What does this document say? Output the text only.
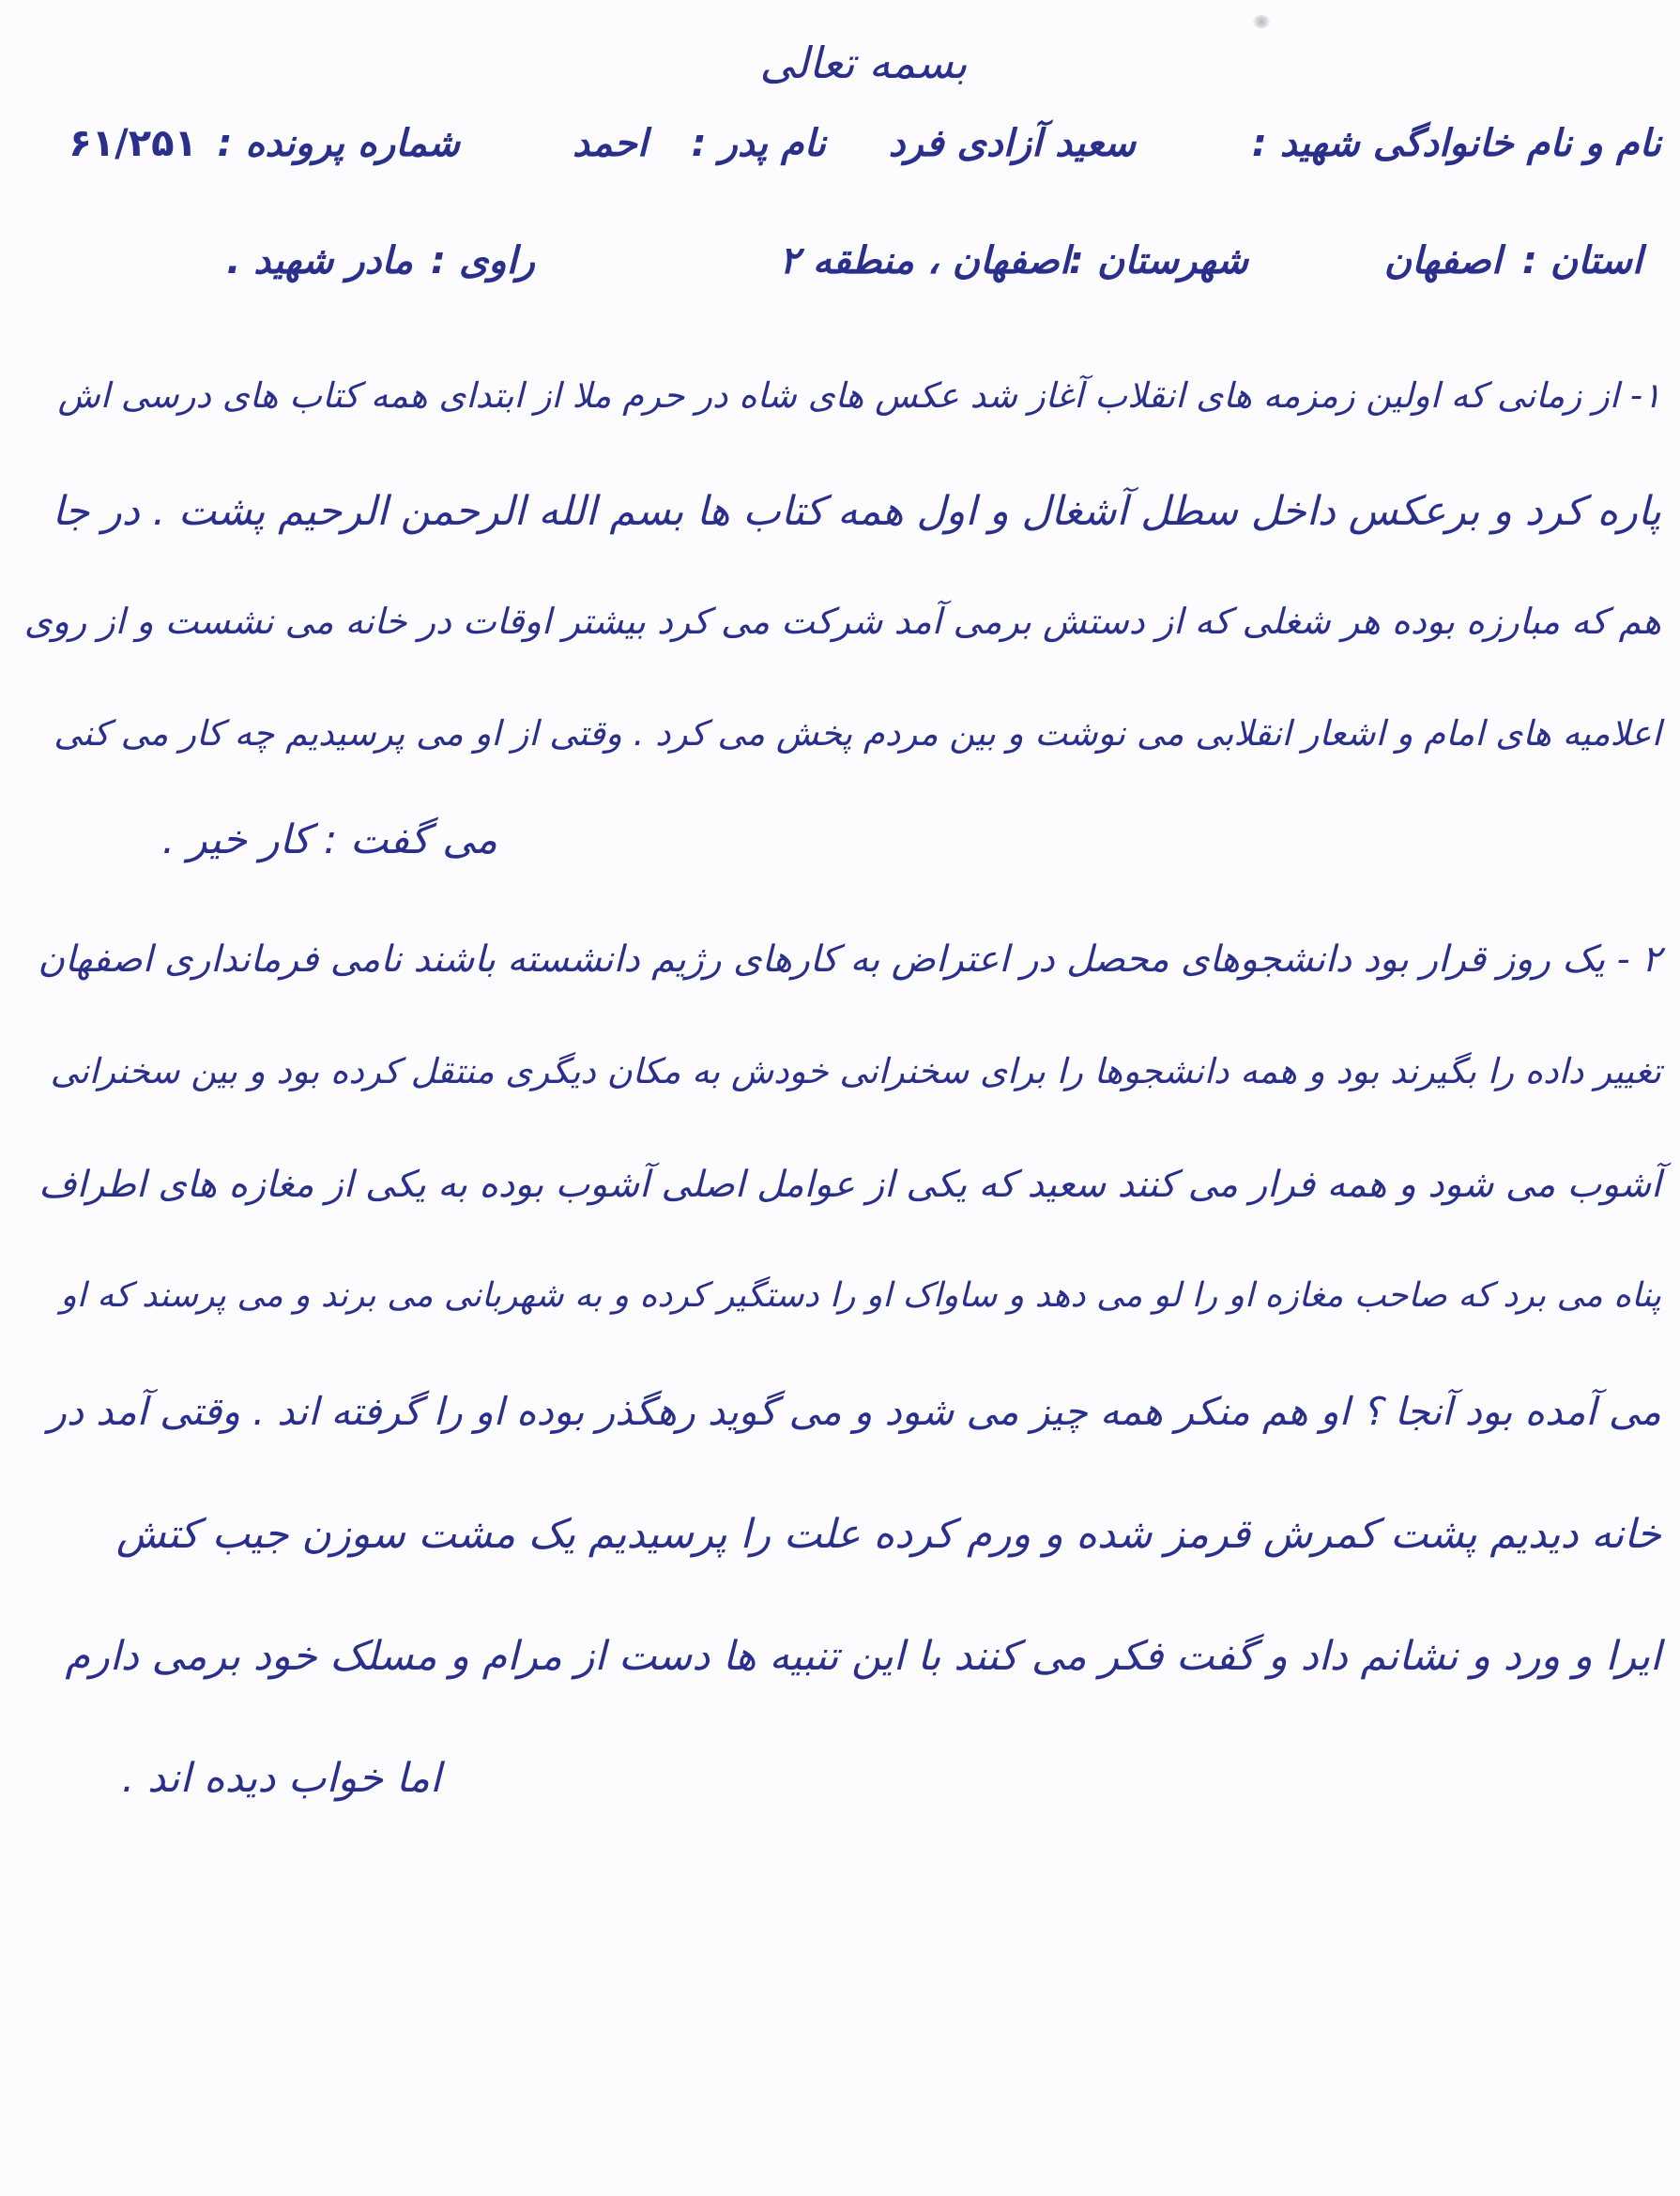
بسمه تعالی
نام و نام خانوادگی شهید :
سعید آزادی فرد
نام پدر :
احمد
شماره پرونده :
۶۱/۲۵۱
استان :
اصفهان
شهرستان :
اصفهان ، منطقه ۲
راوی :
مادر شهید .
۱- از زمانی که اولین زمزمه های انقلاب آغاز شد عکس های شاه در حرم ملا از ابتدای همه کتاب های درسی اش
پاره کرد و برعکس داخل سطل آشغال و اول همه کتاب ها بسم الله الرحمن الرحیم پشت . در جا
هم که مبارزه بوده هر شغلی که از دستش برمی آمد شرکت می کرد بیشتر اوقات در خانه می نشست و از روی
اعلامیه های امام و اشعار انقلابی می نوشت و بین مردم پخش می کرد . وقتی از او می پرسیدیم چه کار می کنی
می گفت : کار خیر .
۲ - یک روز قرار بود دانشجوهای محصل در اعتراض به کارهای رژیم دانشسته باشند نامی فرمانداری اصفهان
تغییر داده را بگیرند بود و همه دانشجوها را برای سخنرانی خودش به مکان دیگری منتقل کرده بود و بین سخنرانی
آشوب می شود و همه فرار می کنند سعید که یکی از عوامل اصلی آشوب بوده به یکی از مغازه های اطراف
پناه می برد که صاحب مغازه او را لو می دهد و ساواک او را دستگیر کرده و به شهربانی می برند و می پرسند که او
می آمده بود آنجا ؟ او هم منکر همه چیز می شود و می گوید رهگذر بوده او را گرفته اند . وقتی آمد در
خانه دیدیم پشت کمرش قرمز شده و ورم کرده علت را پرسیدیم یک مشت سوزن جیب کتش
ایرا و ورد و نشانم داد و گفت فکر می کنند با این تنبیه ها دست از مرام و مسلک خود برمی دارم
اما خواب دیده اند .
